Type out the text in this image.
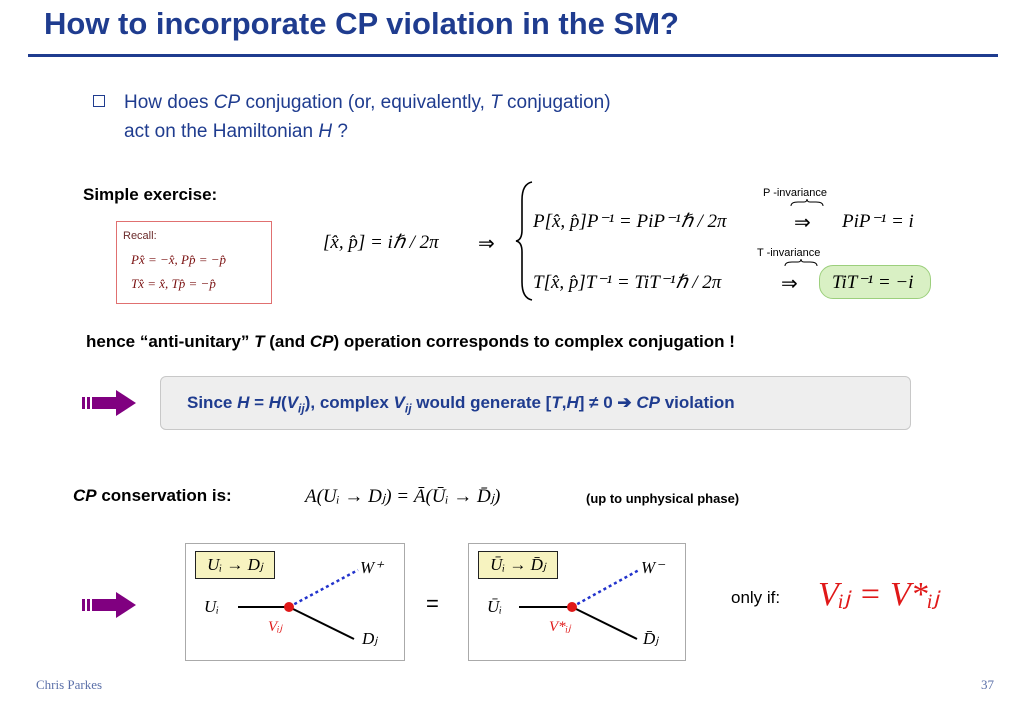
How to incorporate CP violation in the SM?
How does CP conjugation (or, equivalently, T conjugation)
act on the Hamiltonian H ?
Simple exercise:
Recall:
Px̂ = −x̂, Pp̂ = −p̂
Tx̂ = x̂, Tp̂ = −p̂
[x̂, p̂] = iℏ / 2π ⇒
P -invariance
P[x̂, p̂]P⁻¹ = PiP⁻¹ℏ / 2π	⇒ PiP⁻¹ = i
T -invariance
T[x̂, p̂]T⁻¹ = TiT⁻¹ℏ / 2π	⇒ TiT⁻¹ = −i
hence “anti-unitary” T (and CP) operation corresponds to complex conjugation !
Since $H = H(V_{ij})$, complex $V_{ij}$ would generate [T,H] ≠ 0 ➔ CP violation
CP conservation is:	A(Uᵢ → Dⱼ) = Ā(Ūᵢ → D̄ⱼ)	(up to unphysical phase)
Uᵢ → Dⱼ	W⁺
Uᵢ
Vᵢⱼ
Dⱼ
=
Ūᵢ → D̄ⱼ	W⁻
Ūᵢ
V*ᵢⱼ
D̄ⱼ
only if: Vᵢⱼ = V*ᵢⱼ
Chris Parkes	37
